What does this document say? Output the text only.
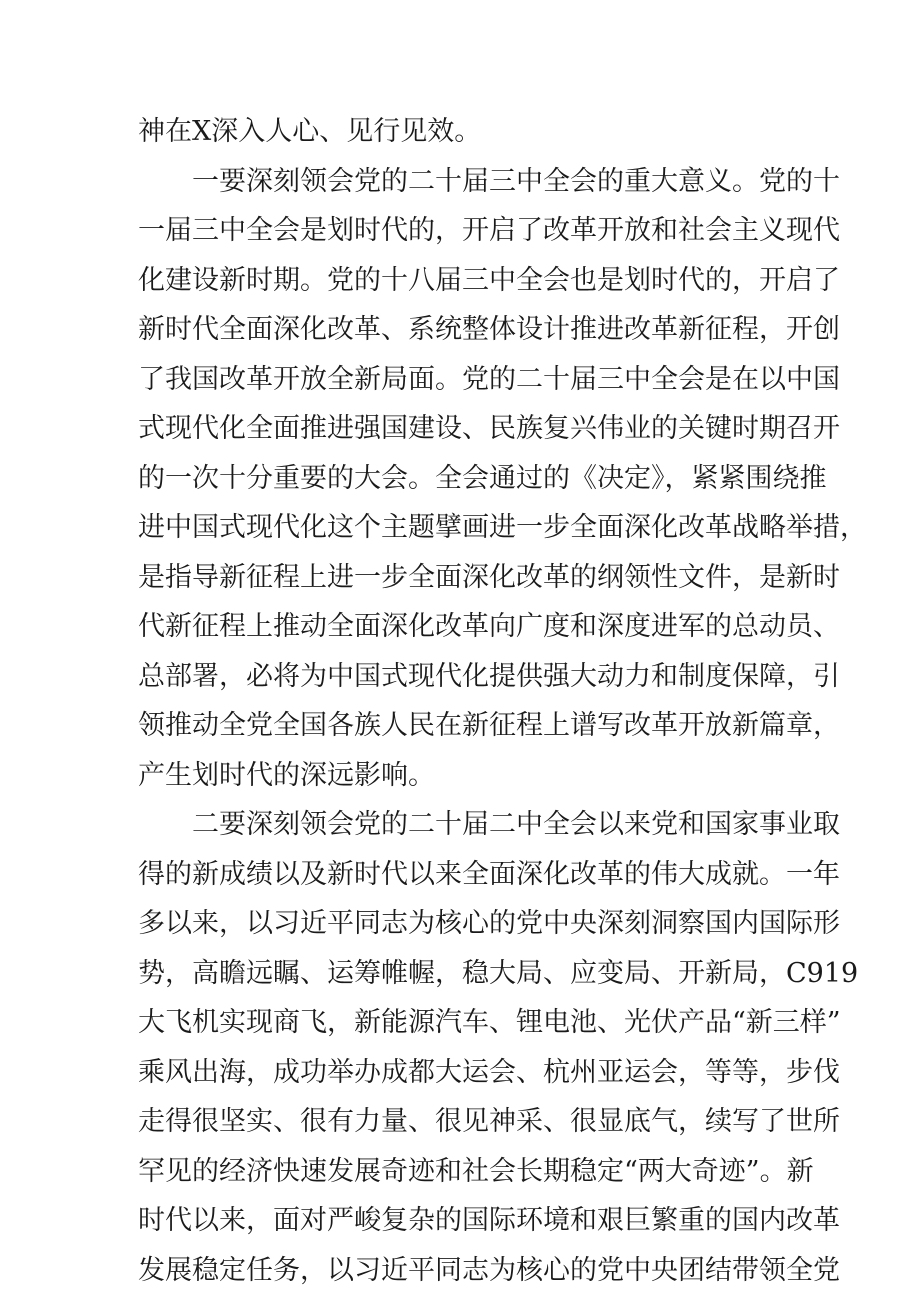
神在X深入人心、见行见效。
一要深刻领会党的二十届三中全会的重大意义。党的十
一届三中全会是划时代的，开启了改革开放和社会主义现代
化建设新时期。党的十八届三中全会也是划时代的，开启了
新时代全面深化改革、系统整体设计推进改革新征程，开创
了我国改革开放全新局面。党的二十届三中全会是在以中国
式现代化全面推进强国建设、民族复兴伟业的关键时期召开
的一次十分重要的大会。全会通过的《决定》，紧紧围绕推
进中国式现代化这个主题擘画进一步全面深化改革战略举措，
是指导新征程上进一步全面深化改革的纲领性文件，是新时
代新征程上推动全面深化改革向广度和深度进军的总动员、
总部署，必将为中国式现代化提供强大动力和制度保障，引
领推动全党全国各族人民在新征程上谱写改革开放新篇章，
产生划时代的深远影响。
二要深刻领会党的二十届二中全会以来党和国家事业取
得的新成绩以及新时代以来全面深化改革的伟大成就。一年
多以来，以习近平同志为核心的党中央深刻洞察国内国际形
势，高瞻远瞩、运筹帷幄，稳大局、应变局、开新局，C919
大飞机实现商飞，新能源汽车、锂电池、光伏产品“新三样”
乘风出海，成功举办成都大运会、杭州亚运会，等等，步伐
走得很坚实、很有力量、很见神采、很显底气，续写了世所
罕见的经济快速发展奇迹和社会长期稳定“两大奇迹”。新
时代以来，面对严峻复杂的国际环境和艰巨繁重的国内改革
发展稳定任务，以习近平同志为核心的党中央团结带领全党
